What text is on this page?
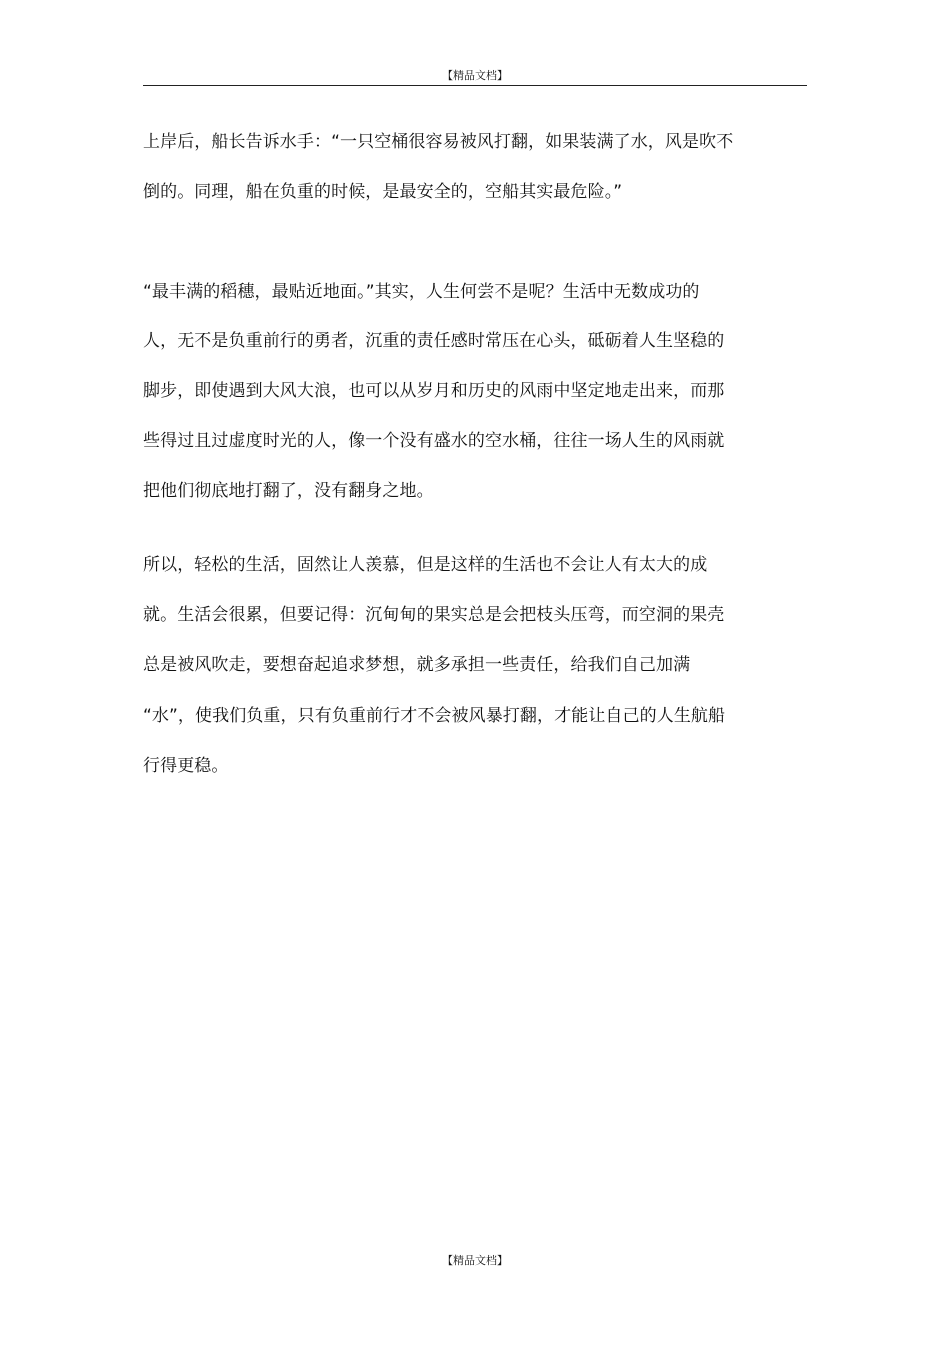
【精品文档】
上岸后，船长告诉水手：“一只空桶很容易被风打翻，如果装满了水，风是吹不
倒的。同理，船在负重的时候，是最安全的，空船其实最危险。”
“最丰满的稻穗，最贴近地面。”其实，人生何尝不是呢？生活中无数成功的
人，无不是负重前行的勇者，沉重的责任感时常压在心头，砥砺着人生坚稳的
脚步，即使遇到大风大浪，也可以从岁月和历史的风雨中坚定地走出来，而那
些得过且过虚度时光的人，像一个没有盛水的空水桶，往往一场人生的风雨就
把他们彻底地打翻了，没有翻身之地。
所以，轻松的生活，固然让人羡慕，但是这样的生活也不会让人有太大的成
就。生活会很累，但要记得：沉甸甸的果实总是会把枝头压弯，而空洞的果壳
总是被风吹走，要想奋起追求梦想，就多承担一些责任，给我们自己加满
“水”，使我们负重，只有负重前行才不会被风暴打翻，才能让自己的人生航船
行得更稳。
【精品文档】
